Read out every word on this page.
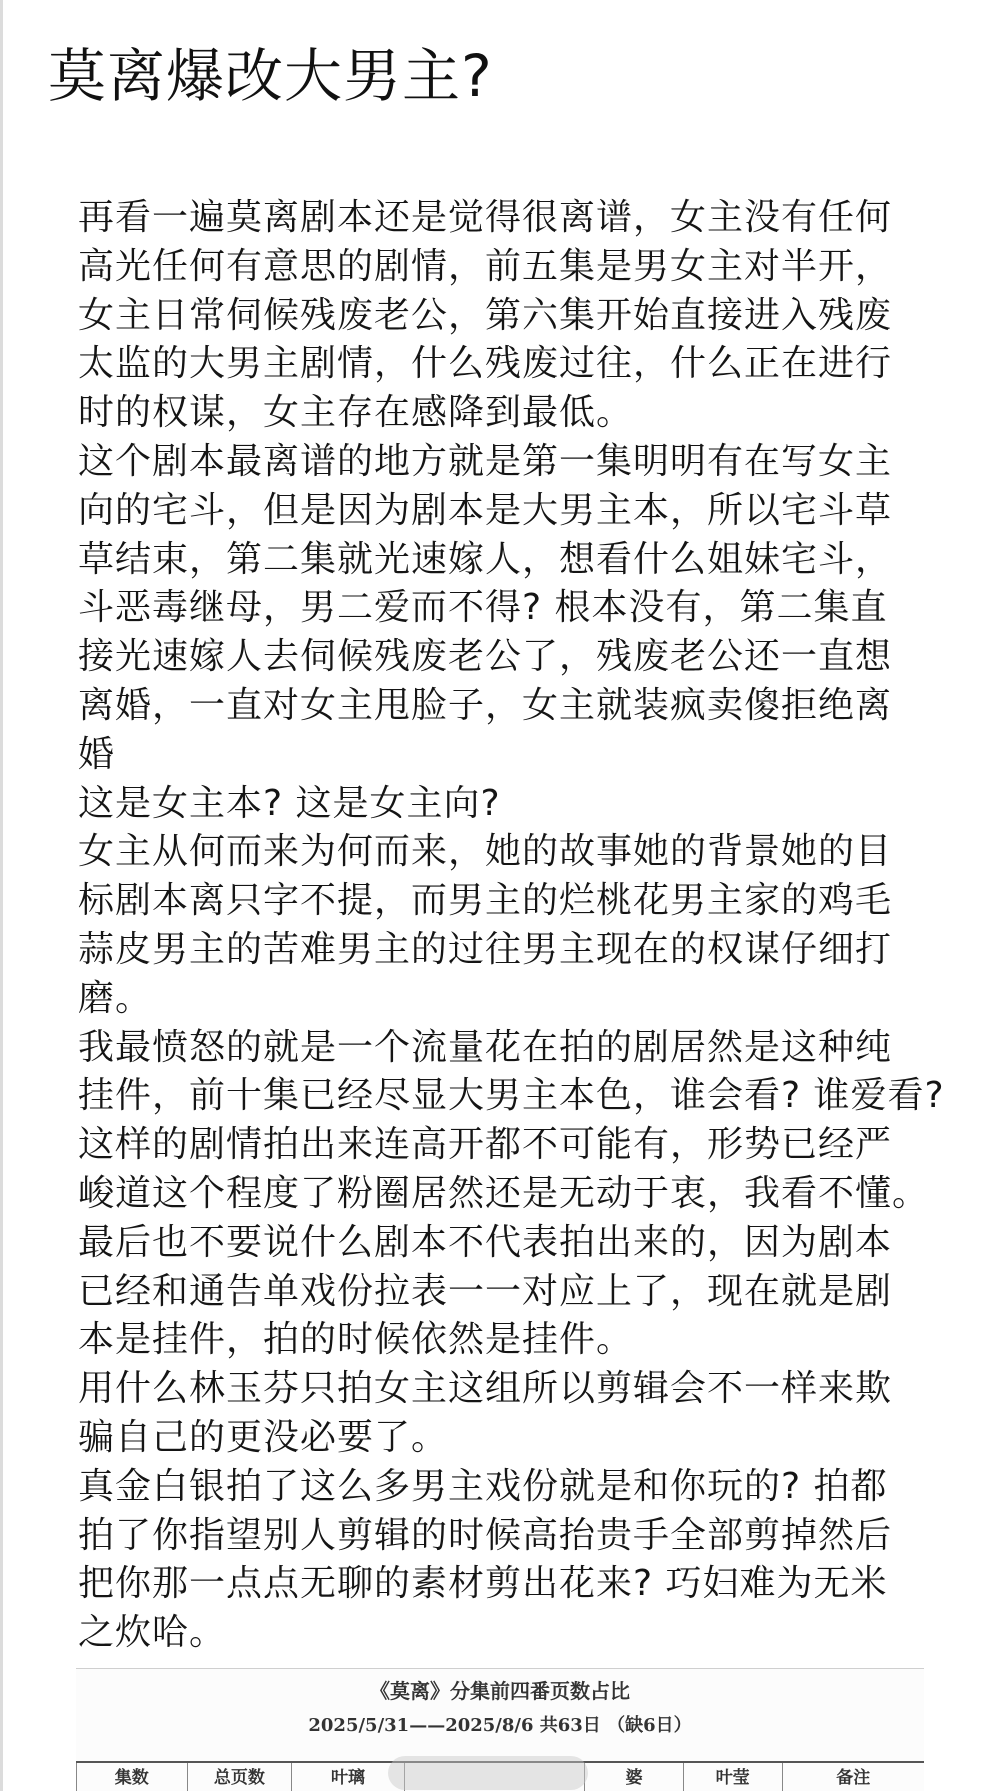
莫离爆改大男主?
再看一遍莫离剧本还是觉得很离谱，女主没有任何
高光任何有意思的剧情，前五集是男女主对半开，
女主日常伺候残废老公，第六集开始直接进入残废
太监的大男主剧情，什么残废过往，什么正在进行
时的权谋，女主存在感降到最低。
这个剧本最离谱的地方就是第一集明明有在写女主
向的宅斗，但是因为剧本是大男主本，所以宅斗草
草结束，第二集就光速嫁人，想看什么姐妹宅斗，
斗恶毒继母，男二爱而不得? 根本没有，第二集直
接光速嫁人去伺候残废老公了，残废老公还一直想
离婚，一直对女主甩脸子，女主就装疯卖傻拒绝离
婚
这是女主本? 这是女主向?
女主从何而来为何而来，她的故事她的背景她的目
标剧本离只字不提，而男主的烂桃花男主家的鸡毛
蒜皮男主的苦难男主的过往男主现在的权谋仔细打
磨。
我最愤怒的就是一个流量花在拍的剧居然是这种纯
挂件，前十集已经尽显大男主本色，谁会看? 谁爱看?
这样的剧情拍出来连高开都不可能有，形势已经严
峻道这个程度了粉圈居然还是无动于衷，我看不懂。
最后也不要说什么剧本不代表拍出来的，因为剧本
已经和通告单戏份拉表一一对应上了，现在就是剧
本是挂件，拍的时候依然是挂件。
用什么林玉芬只拍女主这组所以剪辑会不一样来欺
骗自己的更没必要了。
真金白银拍了这么多男主戏份就是和你玩的? 拍都
拍了你指望别人剪辑的时候高抬贵手全部剪掉然后
把你那一点点无聊的素材剪出花来? 巧妇难为无米
之炊哈。
《莫离》分集前四番页数占比
2025/5/31——2025/8/6 共63日 （缺6日）
集数	总页数	叶璃	婆	叶莹	备注
